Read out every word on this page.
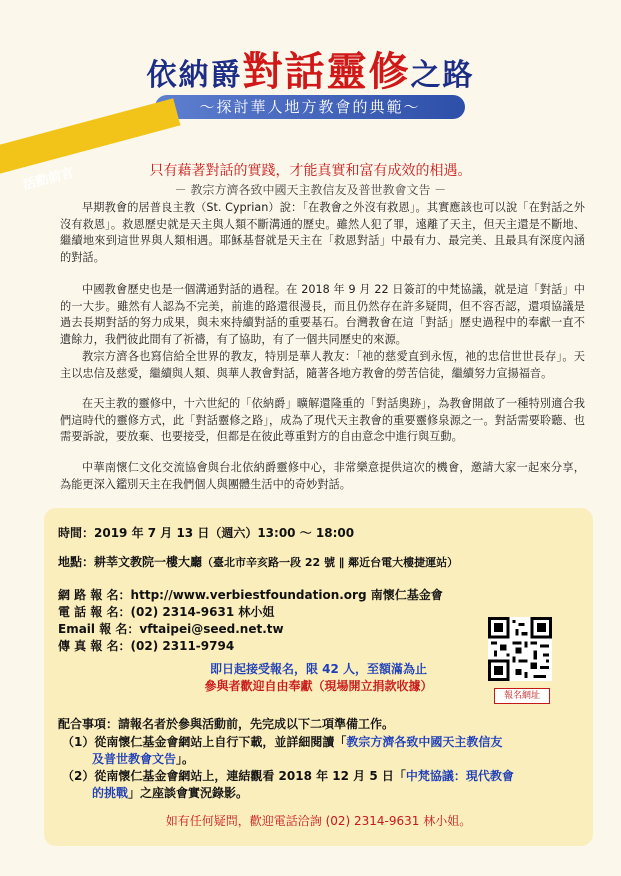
依納爵對話靈修之路
～探討華人地方教會的典範～
活動前言	只有藉著對話的實踐，才能真實和富有成效的相遇。
－ 教宗方濟各致中國天主教信友及普世教會文告 －

早期教會的居普良主教（St. Cyprian）說：「在教會之外沒有救恩」。其實應該也可以說「在對話之外沒有救恩」。救恩歷史就是天主與人類不斷溝通的歷史。雖然人犯了罪，遠離了天主，但天主還是不斷地、繼續地來到這世界與人類相遇。耶穌基督就是天主在「救恩對話」中最有力、最完美、且最具有深度內涵的對話。

中國教會歷史也是一個溝通對話的過程。在 2018 年 9 月 22 日簽訂的中梵協議，就是這「對話」中的一大步。雖然有人認為不完美，前進的路還很漫長，而且仍然存在許多疑問，但不容否認，還項協議是過去長期對話的努力成果，與未來持續對話的重要基石。台灣教會在這「對話」歷史過程中的奉獻一直不遺餘力，我們彼此間有了祈禱，有了協助，有了一個共同歷史的來源。

教宗方濟各也寫信給全世界的教友，特別是華人教友：「祂的慈愛直到永恆，祂的忠信世世長存」。天主以忠信及慈愛，繼續與人類、與華人教會對話，隨著各地方教會的勞苦信徒，繼續努力宣揚福音。

在天主教的靈修中，十六世紀的「依納爵」曠解還隆重的「對話奧跡」，為教會開啟了一種特別適合我們這時代的靈修方式，此「對話靈修之路」，成為了現代天主教會的重要靈修泉源之一。對話需要聆聽、也需要訴說，要放棄、也要接受，但都是在彼此尊重對方的自由意念中進行與互動。

中華南懷仁文化交流協會與台北依納爵靈修中心，非常樂意提供這次的機會，邀請大家一起來分享，為能更深入鑑別天主在我們個人與團體生活中的奇妙對話。

時間：2019 年 7 月 13 日（週六）13:00 ～ 18:00
地點：耕莘文教院一樓大廳（臺北市辛亥路一段 22 號 ∥ 鄰近台電大樓捷運站）
網 路 報 名：http://www.verbiestfoundation.org 南懷仁基金會
電 話 報 名：(02) 2314-9631 林小姐
Email 報 名：vftaipei@seed.net.tw
傳 真 報 名：(02) 2311-9794
報名網址
即日起接受報名，限 42 人，至額滿為止
參與者歡迎自由奉獻（現場開立捐款收據）
配合事項：請報名者於參與活動前，先完成以下二項準備工作。
（1）從南懷仁基金會網站上自行下載，並詳細閱讀「教宗方濟各致中國天主教信友
及普世教會文告」。
（2）從南懷仁基金會網站上，連結觀看 2018 年 12 月 5 日「中梵協議：現代教會
的挑戰」之座談會實況錄影。
如有任何疑問，歡迎電話洽詢 (02) 2314-9631 林小姐。
